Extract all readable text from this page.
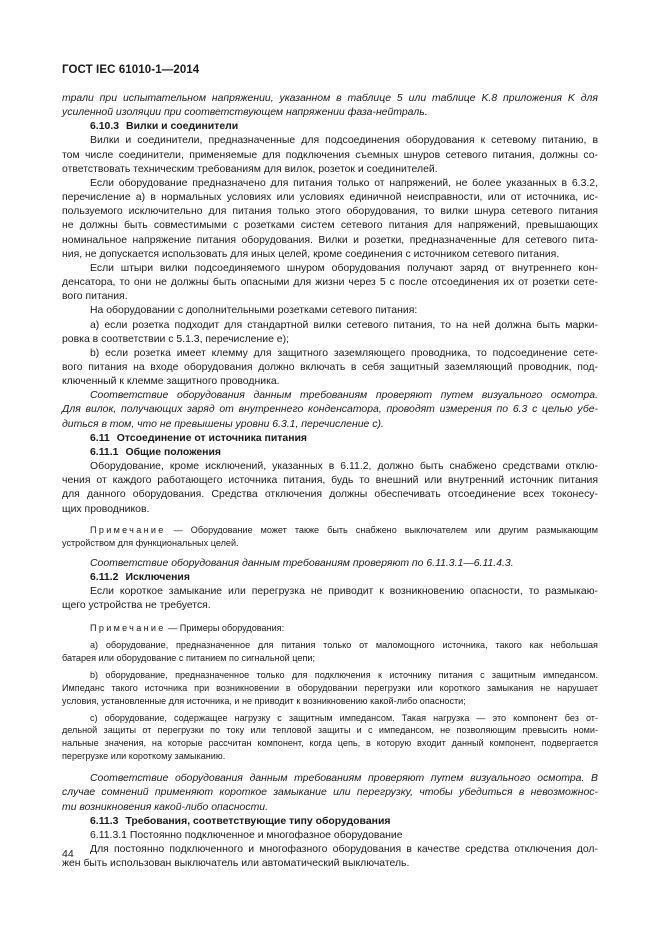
ГОСТ IEC 61010-1—2014

трали при испытательном напряжении, указанном в таблице 5 или таблице K.8 приложения K для

усиленной изоляции при соответствующем напряжении фаза-нейтраль.

6.10.3 Вилки и соединители

Вилки и соединители, предназначенные для подсоединения оборудования к сетевому питанию, в

том числе соединители, применяемые для подключения съемных шнуров сетевого питания, должны со-

ответствовать техническим требованиям для вилок, розеток и соединителей.

Если оборудование предназначено для питания только от напряжений, не более указанных в 6.3.2,

перечисление а) в нормальных условиях или условиях единичной неисправности, или от источника, ис-

пользуемого исключительно для питания только этого оборудования, то вилки шнура сетевого питания

не должны быть совместимыми с розетками систем сетевого питания для напряжений, превышающих

номинальное напряжение питания оборудования. Вилки и розетки, предназначенные для сетевого пита-

ния, не допускается использовать для иных целей, кроме соединения с источником сетевого питания.

Если штыри вилки подсоединяемого шнуром оборудования получают заряд от внутреннего кон-

денсатора, то они не должны быть опасными для жизни через 5 с после отсоединения их от розетки сете-

вого питания.

На оборудовании с дополнительными розетками сетевого питания:

a) если розетка подходит для стандартной вилки сетевого питания, то на ней должна быть марки-

ровка в соответствии с 5.1.3, перечисление е);

b) если розетка имеет клемму для защитного заземляющего проводника, то подсоединение сете-

вого питания на входе оборудования должно включать в себя защитный заземляющий проводник, под-

ключенный к клемме защитного проводника.

Соответствие оборудования данным требованиям проверяют путем визуального осмотра.

Для вилок, получающих заряд от внутреннего конденсатора, проводят измерения по 6.3 с целью убе-

диться в том, что не превышены уровни 6.3.1, перечисление с).

6.11 Отсоединение от источника питания

6.11.1 Общие положения

Оборудование, кроме исключений, указанных в 6.11.2, должно быть снабжено средствами отклю-

чения от каждого работающего источника питания, будь то внешний или внутренний источник питания

для данного оборудования. Средства отключения должны обеспечивать отсоединение всех токонесу-

щих проводников.

Примечание — Оборудование может также быть снабжено выключателем или другим размыкающим

устройством для функциональных целей.

Соответствие оборудования данным требованиям проверяют по 6.11.3.1—6.11.4.3.

6.11.2 Исключения

Если короткое замыкание или перегрузка не приводит к возникновению опасности, то размыкаю-

щего устройства не требуется.

Примечание — Примеры оборудования:

а) оборудование, предназначенное для питания только от маломощного источника, такого как небольшая

батарея или оборудование с питанием по сигнальной цепи;

b) оборудование, предназначенное только для подключения к источнику питания с защитным импедансом.

Импеданс такого источника при возникновении в оборудовании перегрузки или короткого замыкания не нарушает

условия, установленные для источника, и не приводит к возникновению какой-либо опасности;

с) оборудование, содержащее нагрузку с защитным импедансом. Такая нагрузка — это компонент без от-

дельной защиты от перегрузки по току или тепловой защиты и с импедансом, не позволяющим превысить номи-

нальные значения, на которые рассчитан компонент, когда цепь, в которую входит данный компонент, подвергается

перегрузке или короткому замыканию.

Соответствие оборудования данным требованиям проверяют путем визуального осмотра. В

случае сомнений применяют короткое замыкание или перегрузку, чтобы убедиться в невозможнос-

ти возникновения какой-либо опасности.

6.11.3 Требования, соответствующие типу оборудования

6.11.3.1 Постоянно подключенное и многофазное оборудование

Для постоянно подключенного и многофазного оборудования в качестве средства отключения дол-

жен быть использован выключатель или автоматический выключатель.

44
